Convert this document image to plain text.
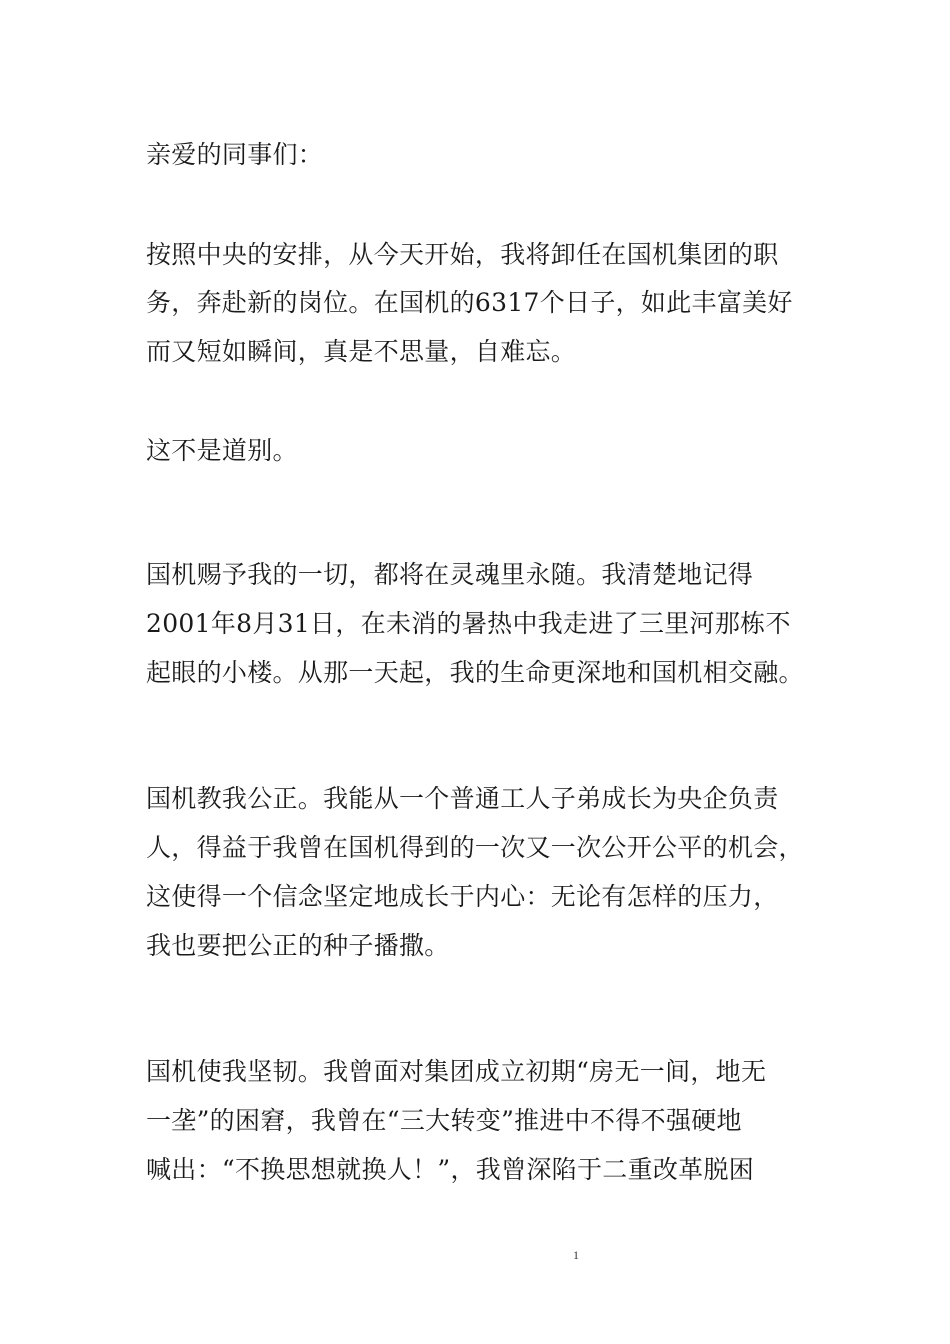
亲爱的同事们：
按照中央的安排，从今天开始，我将卸任在国机集团的职
务，奔赴新的岗位。在国机的6317个日子，如此丰富美好
而又短如瞬间，真是不思量，自难忘。
这不是道别。
国机赐予我的一切，都将在灵魂里永随。我清楚地记得
2001年8月31日，在未消的暑热中我走进了三里河那栋不
起眼的小楼。从那一天起，我的生命更深地和国机相交融。
国机教我公正。我能从一个普通工人子弟成长为央企负责
人，得益于我曾在国机得到的一次又一次公开公平的机会，
这使得一个信念坚定地成长于内心：无论有怎样的压力，
我也要把公正的种子播撒。
国机使我坚韧。我曾面对集团成立初期“房无一间，地无
一垄”的困窘，我曾在“三大转变”推进中不得不强硬地
喊出：“不换思想就换人！”，我曾深陷于二重改革脱困
1
